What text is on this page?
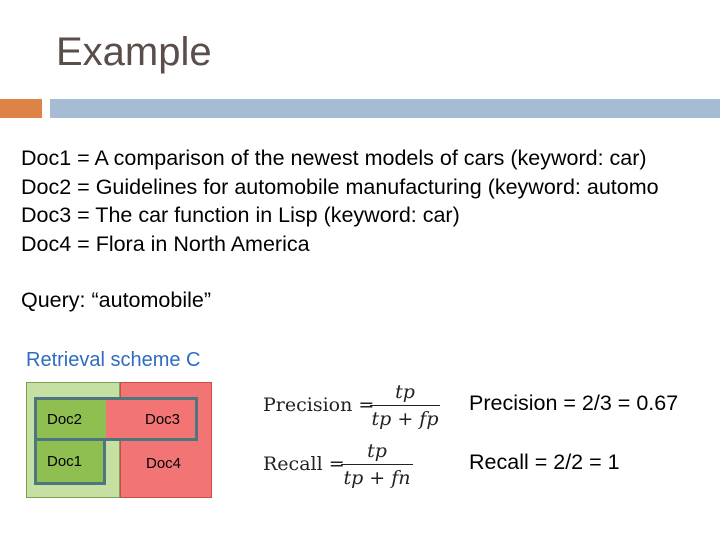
Example
Doc1 = A comparison of the newest models of cars (keyword: car)
Doc2 = Guidelines for automobile manufacturing (keyword: automo
Doc3 = The car function in Lisp (keyword: car)
Doc4 = Flora in North America
Query: “automobile”
Retrieval scheme C
Doc2	Doc3
Doc1	Doc4
Precision =
tp
tp + fp
Recall =
tp
tp + fn
Precision = 2/3 = 0.67
Recall = 2/2 = 1
